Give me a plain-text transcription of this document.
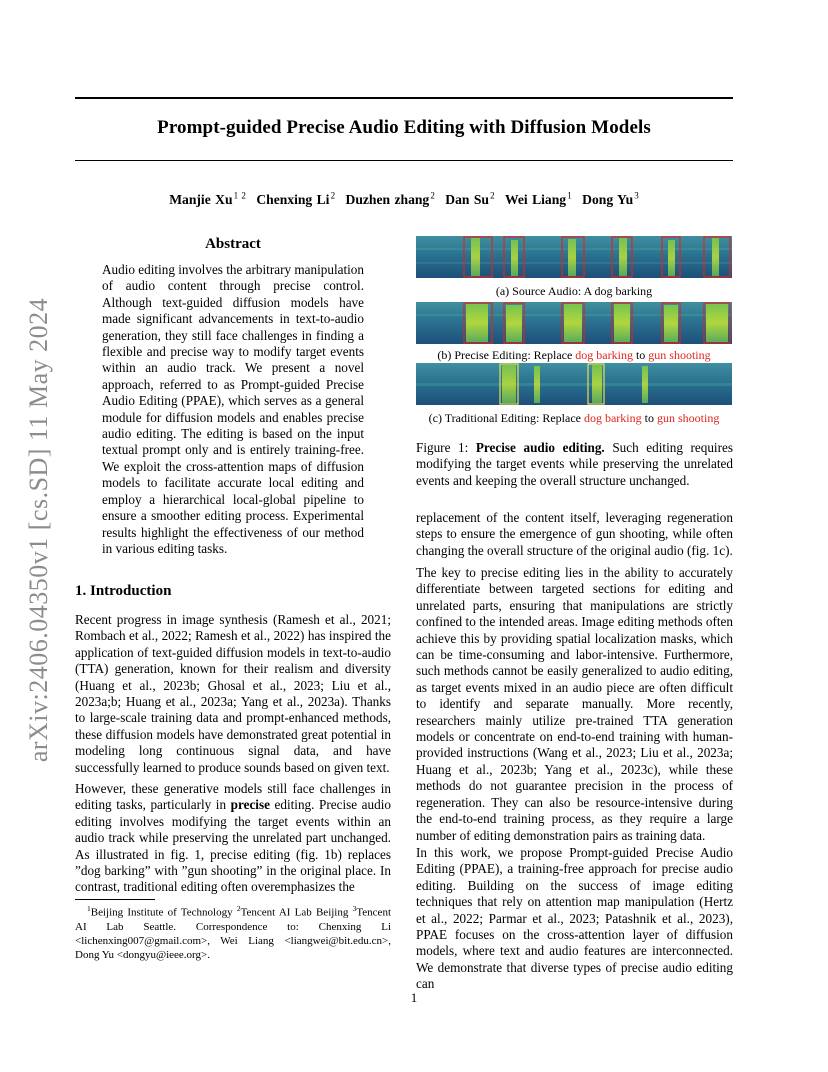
arXiv:2406.04350v1 [cs.SD] 11 May 2024
Prompt-guided Precise Audio Editing with Diffusion Models
Manjie Xu $^{1 2}$ Chenxing Li $^2$ Duzhen zhang $^2$ Dan Su $^2$ Wei Liang $^1$ Dong Yu $^3$
Abstract

Audio editing involves the arbitrary manipulation of audio content through precise control. Although text-guided diffusion models have made significant advancements in text-to-audio generation, they still face challenges in finding a flexible and precise way to modify target events within an audio track. We present a novel approach, referred to as Prompt-guided Precise Audio Editing (PPAE), which serves as a general module for diffusion models and enables precise audio editing. The editing is based on the input textual prompt only and is entirely training-free. We exploit the cross-attention maps of diffusion models to facilitate accurate local editing and employ a hierarchical local-global pipeline to ensure a smoother editing process. Experimental results highlight the effectiveness of our method in various editing tasks.

1. Introduction

Recent progress in image synthesis (Ramesh et al., 2021; Rombach et al., 2022; Ramesh et al., 2022) has inspired the application of text-guided diffusion models in text-to-audio (TTA) generation, known for their realism and diversity (Huang et al., 2023b; Ghosal et al., 2023; Liu et al., 2023a;b; Huang et al., 2023a; Yang et al., 2023a). Thanks to large-scale training data and prompt-enhanced methods, these diffusion models have demonstrated great potential in modeling long continuous signal data, and have successfully learned to produce sounds based on given text.

However, these generative models still face challenges in editing tasks, particularly in precise editing. Precise audio editing involves modifying the target events within an audio track while preserving the unrelated part unchanged. As illustrated in fig. 1, precise editing (fig. 1b) replaces ”dog barking” with ”gun shooting” in the original place. In contrast, traditional editing often overemphasizes the

$^1$Beijing Institute of Technology $^2$Tencent AI Lab Beijing $^3$Tencent AI Lab Seattle. Correspondence to: Chenxing Li <lichenxing007@gmail.com>, Wei Liang <liangwei@bit.edu.cn>, Dong Yu <dongyu@ieee.org>.

(a) Source Audio: A dog barking
(b) Precise Editing: Replace dog barking to gun shooting
(c) Traditional Editing: Replace dog barking to gun shooting

Figure 1: Precise audio editing. Such editing requires modifying the target events while preserving the unrelated events and keeping the overall structure unchanged.

replacement of the content itself, leveraging regeneration steps to ensure the emergence of gun shooting, while often changing the overall structure of the original audio (fig. 1c).

The key to precise editing lies in the ability to accurately differentiate between targeted sections for editing and unrelated parts, ensuring that manipulations are strictly confined to the intended areas. Image editing methods often achieve this by providing spatial localization masks, which can be time-consuming and labor-intensive. Furthermore, such methods cannot be easily generalized to audio editing, as target events mixed in an audio piece are often difficult to identify and separate manually. More recently, researchers mainly utilize pre-trained TTA generation models or concentrate on end-to-end training with human-provided instructions (Wang et al., 2023; Liu et al., 2023a; Huang et al., 2023b; Yang et al., 2023c), while these methods do not guarantee precision in the process of regeneration. They can also be resource-intensive during the end-to-end training process, as they require a large number of editing demonstration pairs as training data.

In this work, we propose Prompt-guided Precise Audio Editing (PPAE), a training-free approach for precise audio editing. Building on the success of image editing techniques that rely on attention map manipulation (Hertz et al., 2022; Parmar et al., 2023; Patashnik et al., 2023), PPAE focuses on the cross-attention layer of diffusion models, where text and audio features are interconnected. We demonstrate that diverse types of precise audio editing can

1
